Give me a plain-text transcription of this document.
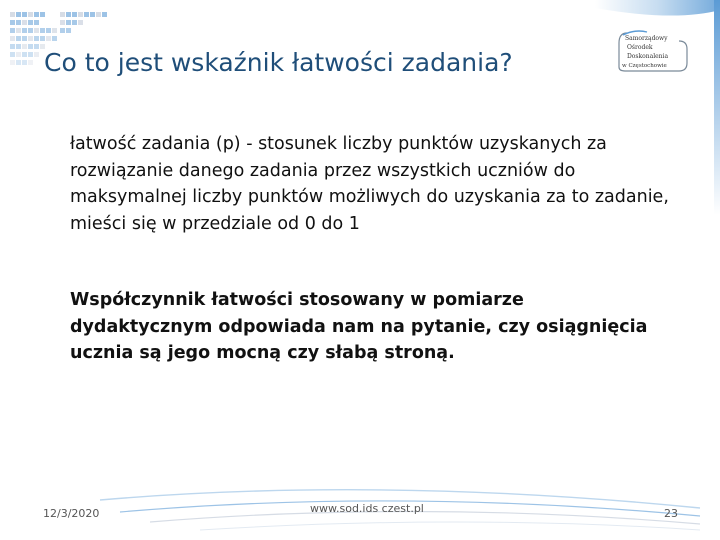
Samorządowy
Ośrodek
Doskonalenia
w Częstochowie
Co to jest wskaźnik łatwości zadania?

łatwość zadania (p) - stosunek liczby punktów uzyskanych za rozwiązanie danego zadania przez wszystkich uczniów do maksymalnej liczby punktów możliwych do uzyskania za to zadanie, mieści się w przedziale od 0 do 1

Współczynnik łatwości stosowany w pomiarze dydaktycznym odpowiada nam na pytanie, czy osiągnięcia ucznia są jego mocną czy słabą stroną.

12/3/2020	www.sod.ids czest.pl	23
